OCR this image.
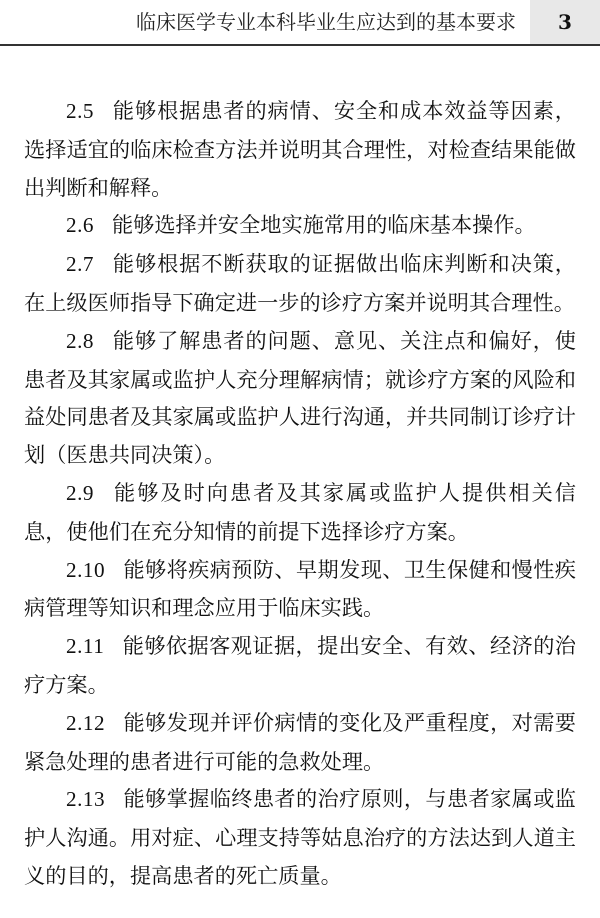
临床医学专业本科毕业生应达到的基本要求	3

2.5 能够根据患者的病情、安全和成本效益等因素，选择适宜的临床检查方法并说明其合理性，对检查结果能做出判断和解释。

2.6 能够选择并安全地实施常用的临床基本操作。

2.7 能够根据不断获取的证据做出临床判断和决策，在上级医师指导下确定进一步的诊疗方案并说明其合理性。

2.8 能够了解患者的问题、意见、关注点和偏好，使患者及其家属或监护人充分理解病情；就诊疗方案的风险和益处同患者及其家属或监护人进行沟通，并共同制订诊疗计划（医患共同决策）。

2.9 能够及时向患者及其家属或监护人提供相关信息，使他们在充分知情的前提下选择诊疗方案。

2.10 能够将疾病预防、早期发现、卫生保健和慢性疾病管理等知识和理念应用于临床实践。

2.11 能够依据客观证据，提出安全、有效、经济的治疗方案。

2.12 能够发现并评价病情的变化及严重程度，对需要紧急处理的患者进行可能的急救处理。

2.13 能够掌握临终患者的治疗原则，与患者家属或监护人沟通。用对症、心理支持等姑息治疗的方法达到人道主义的目的，提高患者的死亡质量。
